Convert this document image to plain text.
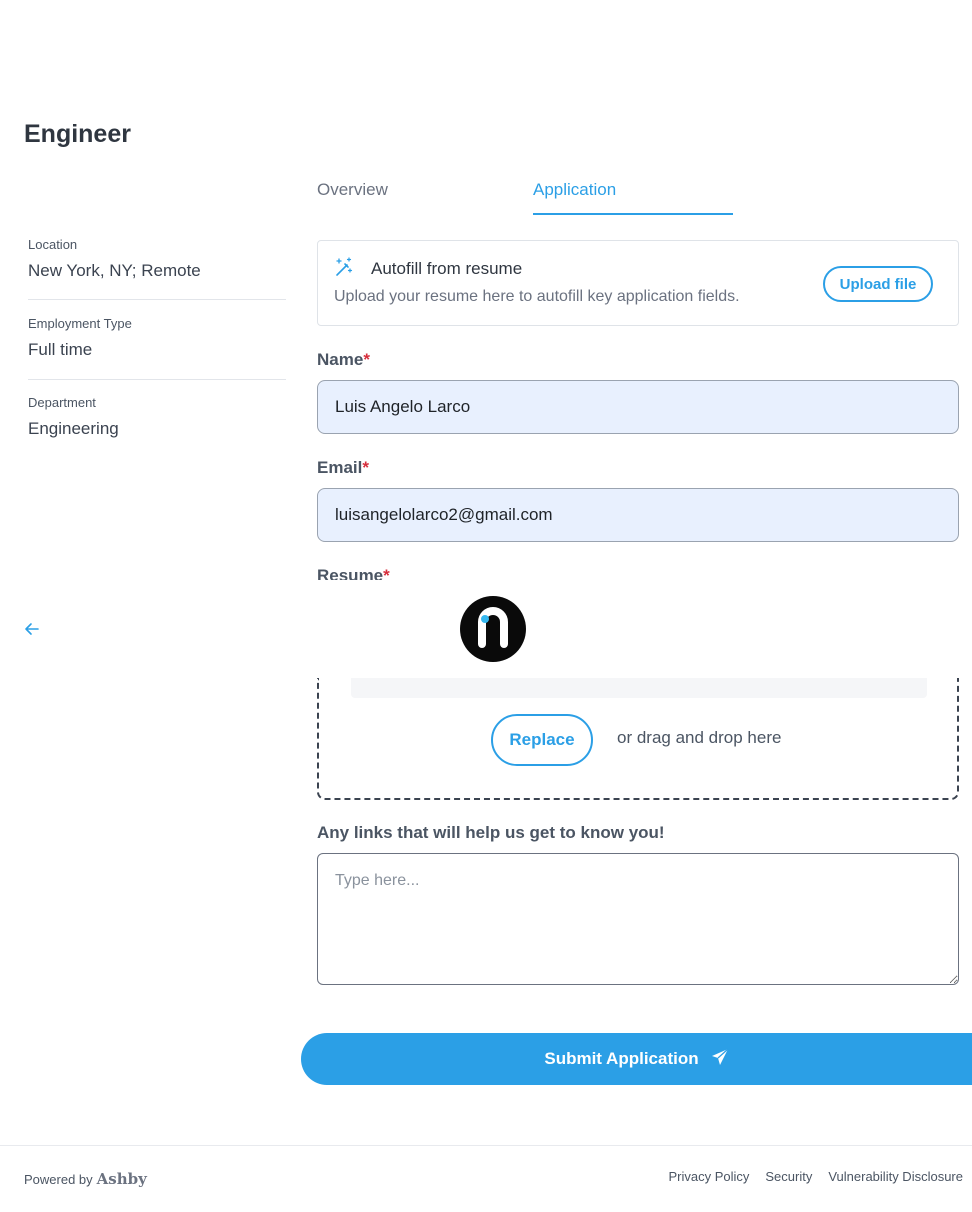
Engineer
Location
New York, NY; Remote
Employment Type
Full time
Department
Engineering
Overview	Application
Autofill from resume
Upload your resume here to autofill key application fields.
Upload file
Name*
Luis Angelo Larco
Email*
luisangelolarco2@gmail.com
Resume*
Replace	or drag and drop here
Any links that will help us get to know you!
Type here...
Submit Application
Powered by Ashby	Privacy Policy Security Vulnerability Disclosure
